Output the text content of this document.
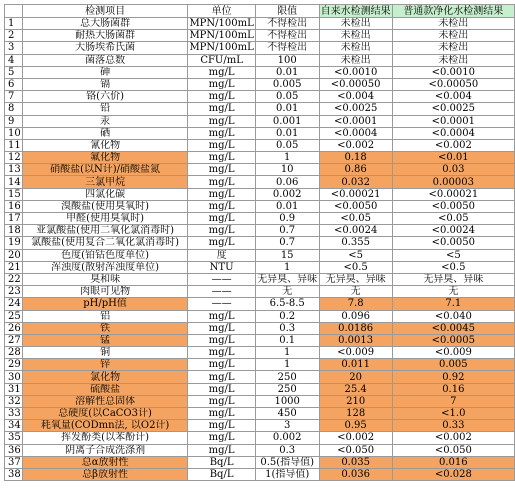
	检测项目	单位	限值	自来水检测结果	普通款净化水检测结果
1	总大肠菌群	MPN/100mL	不得检出	未检出	未检出
2	耐热大肠菌群	MPN/100mL	不得检出	未检出	未检出
3	大肠埃希氏菌	MPN/100mL	不得检出	未检出	未检出
4	菌落总数	CFU/mL	100	未检出	未检出
5	砷	mg/L	0.01	<0.0010	<0.0010
6	镉	mg/L	0.005	<0.00050	<0.00050
7	铬(六价)	mg/L	0.05	<0.004	<0.004
8	铅	mg/L	0.01	<0.0025	<0.0025
9	汞	mg/L	0.001	<0.0001	<0.0001
10	硒	mg/L	0.01	<0.0004	<0.0004
11	氰化物	mg/L	0.05	<0.002	<0.002
12	氟化物	mg/L	1	0.18	<0.01
13	硝酸盐(以N计)/硝酸盐氮	mg/L	10	0.86	0.03
14	三氯甲烷	mg/L	0.06	0.032	0.00003
15	四氯化碳	mg/L	0.002	<0.00021	<0.00021
16	溴酸盐(使用臭氧时)	mg/L	0.01	<0.0050	<0.0050
17	甲醛(使用臭氧时)	mg/L	0.9	<0.05	<0.05
18	亚氯酸盐(使用二氧化氯消毒时)	mg/L	0.7	<0.0024	<0.0024
19	氯酸盐(使用复合二氧化氯消毒时)	mg/L	0.7	0.355	<0.0050
20	色度(铂钴色度单位)	度	15	<5	<5
21	浑浊度(散射浑浊度单位)	NTU	1	<0.5	<0.5
22	臭和味	——	无异臭、异味	无异臭、异味	无异臭、异味
23	肉眼可见物	——	无	无	无
24	pH/pH值	——	6.5-8.5	7.8	7.1
25	铝	mg/L	0.2	0.096	<0.040
26	铁	mg/L	0.3	0.0186	<0.0045
27	锰	mg/L	0.1	0.0013	<0.0005
28	铜	mg/L	1	<0.009	<0.009
29	锌	mg/L	1	0.011	0.005
30	氯化物	mg/L	250	20	0.92
31	硫酸盐	mg/L	250	25.4	0.16
32	溶解性总固体	mg/L	1000	210	7
33	总硬度(以CaCO3计)	mg/L	450	128	<1.0
34	耗氧量(CODmn法, 以O2计)	mg/L	3	0.95	0.33
35	挥发酚类(以苯酚计)	mg/L	0.002	<0.002	<0.002
36	阴离子合成洗涤剂	mg/L	0.3	<0.050	<0.050
37	总α放射性	Bq/L	0.5(指导值)	0.035	0.016
38	总β放射性	Bq/L	1(指导值)	0.036	<0.028
